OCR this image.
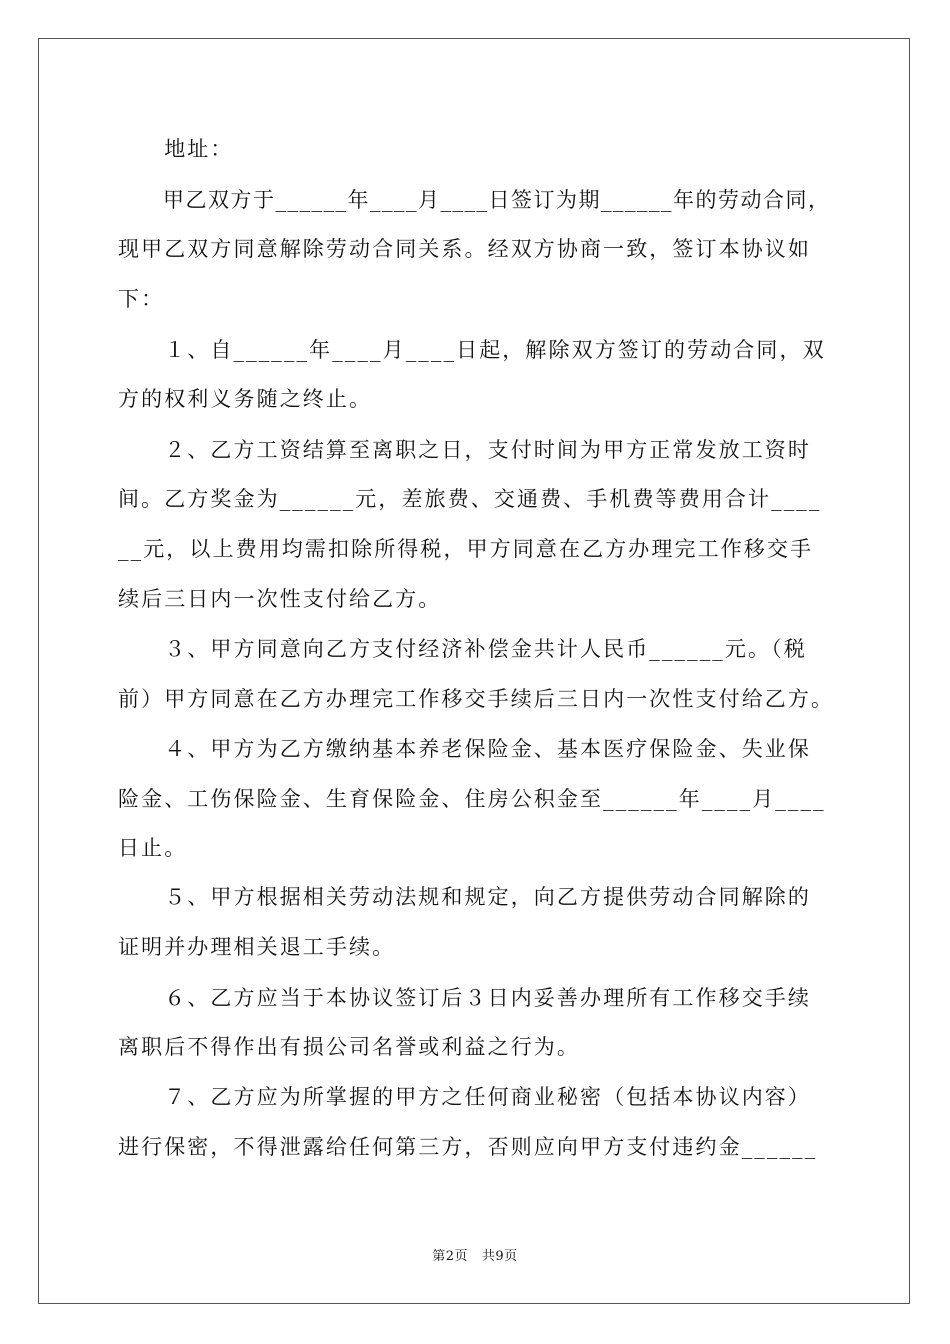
　　地址：
　　甲乙双方于______年____月____日签订为期______年的劳动合同，
现甲乙双方同意解除劳动合同关系。经双方协商一致，签订本协议如
下：
　　１、自______年____月____日起，解除双方签订的劳动合同，双
方的权利义务随之终止。
　　２、乙方工资结算至离职之日，支付时间为甲方正常发放工资时
间。乙方奖金为______元，差旅费、交通费、手机费等费用合计____
__元，以上费用均需扣除所得税，甲方同意在乙方办理完工作移交手
续后三日内一次性支付给乙方。
　　３、甲方同意向乙方支付经济补偿金共计人民币______元。（税
前）甲方同意在乙方办理完工作移交手续后三日内一次性支付给乙方。
　　４、甲方为乙方缴纳基本养老保险金、基本医疗保险金、失业保
险金、工伤保险金、生育保险金、住房公积金至______年____月____
日止。
　　５、甲方根据相关劳动法规和规定，向乙方提供劳动合同解除的
证明并办理相关退工手续。
　　６、乙方应当于本协议签订后３日内妥善办理所有工作移交手续
离职后不得作出有损公司名誉或利益之行为。
　　７、乙方应为所掌握的甲方之任何商业秘密（包括本协议内容）
进行保密，不得泄露给任何第三方，否则应向甲方支付违约金______
第2页   共9页
